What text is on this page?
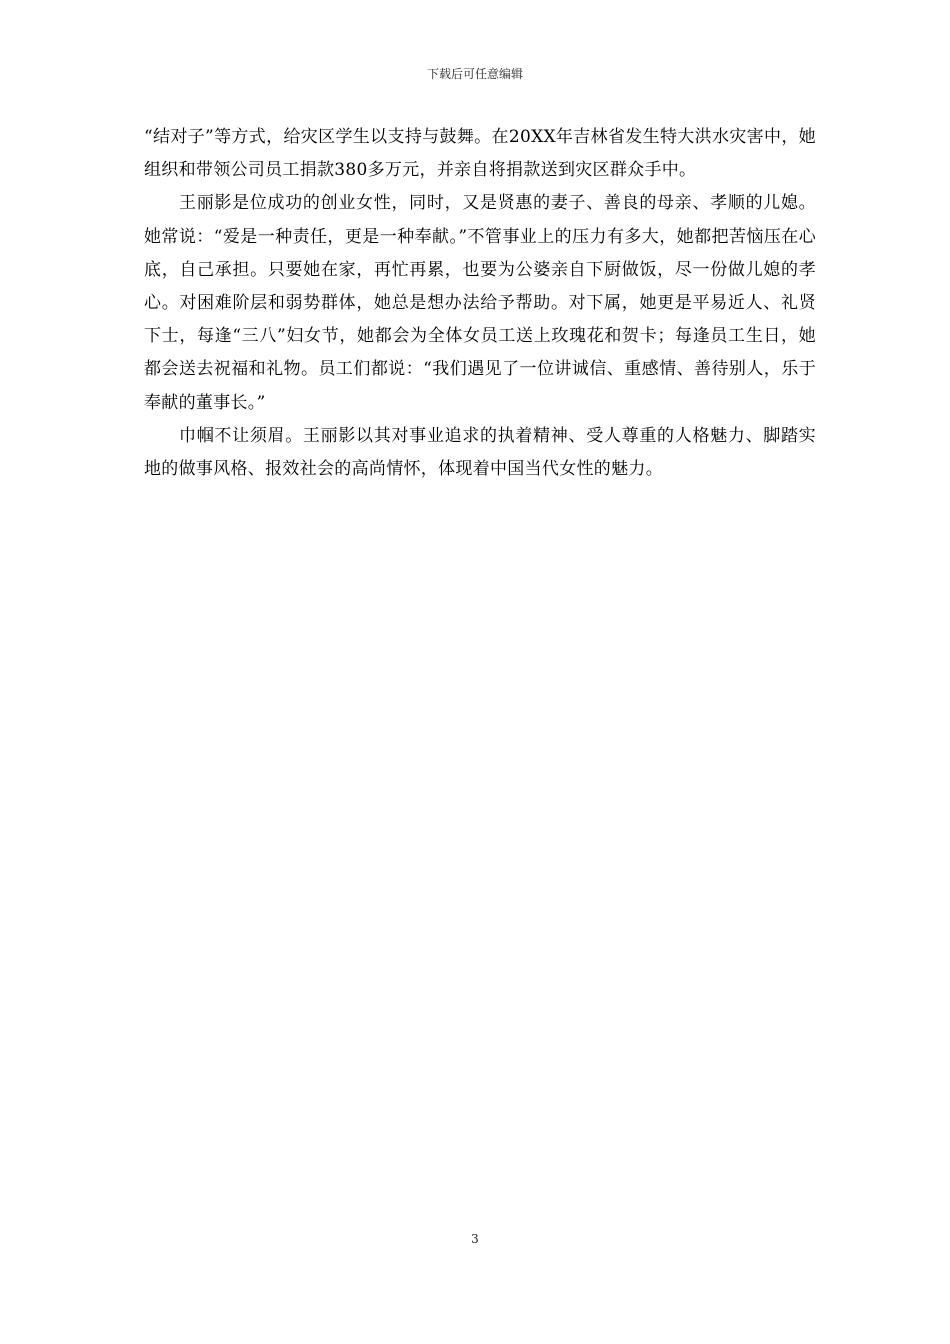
下载后可任意编辑

“结对子”等方式，给灾区学生以支持与鼓舞。在20XX年吉林省发生特大洪水灾害中，她组织和带领公司员工捐款380多万元，并亲自将捐款送到灾区群众手中。

王丽影是位成功的创业女性，同时，又是贤惠的妻子、善良的母亲、孝顺的儿媳。她常说：“爱是一种责任，更是一种奉献。”不管事业上的压力有多大，她都把苦恼压在心底，自己承担。只要她在家，再忙再累，也要为公婆亲自下厨做饭，尽一份做儿媳的孝心。对困难阶层和弱势群体，她总是想办法给予帮助。对下属，她更是平易近人、礼贤下士，每逢“三八”妇女节，她都会为全体女员工送上玫瑰花和贺卡；每逢员工生日，她都会送去祝福和礼物。员工们都说：“我们遇见了一位讲诚信、重感情、善待别人，乐于奉献的董事长。”

巾帼不让须眉。王丽影以其对事业追求的执着精神、受人尊重的人格魅力、脚踏实地的做事风格、报效社会的高尚情怀，体现着中国当代女性的魅力。

3
